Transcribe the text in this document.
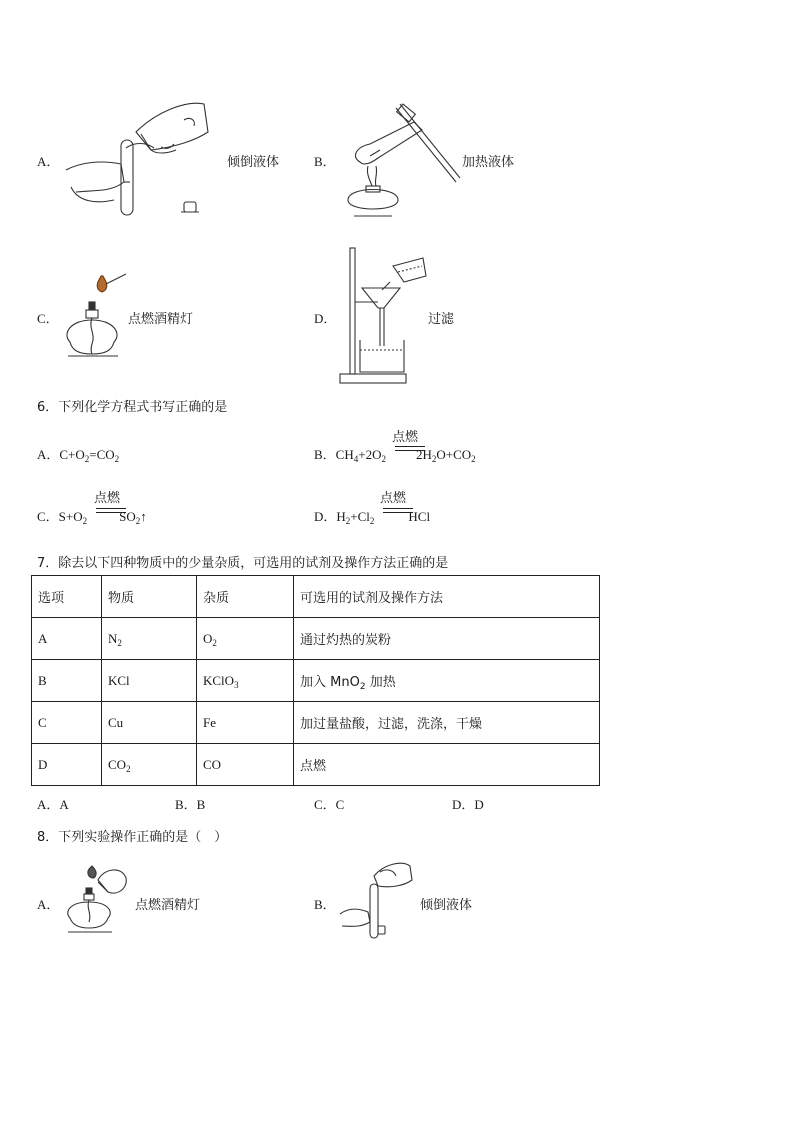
A．	倾倒液体	B．	加热液体
C．	点燃酒精灯	D．	过滤
6．下列化学方程式书写正确的是
A．$C+O_2=CO_2$	B．$CH_4+2O_2$ $2H_2O+CO_2$
点燃
C．$S+O_2$ $SO_2↑$
点燃
D．$H_2+Cl_2$	HCl
点燃
7．除去以下四种物质中的少量杂质，可选用的试剂及操作方法正确的是
选项	物质	杂质	可选用的试剂及操作方法
A	$N_2$	$O_2$	通过灼热的炭粉
B	KCl	KClO$_3$	加入 MnO$_2$ 加热
C	Cu	Fe	加过量盐酸，过滤，洗涤，干燥
D	$CO_2$	CO	点燃
A．A	B．B	C．C	D．D
8．下列实验操作正确的是（　）
A．	点燃酒精灯	B．	倾倒液体
